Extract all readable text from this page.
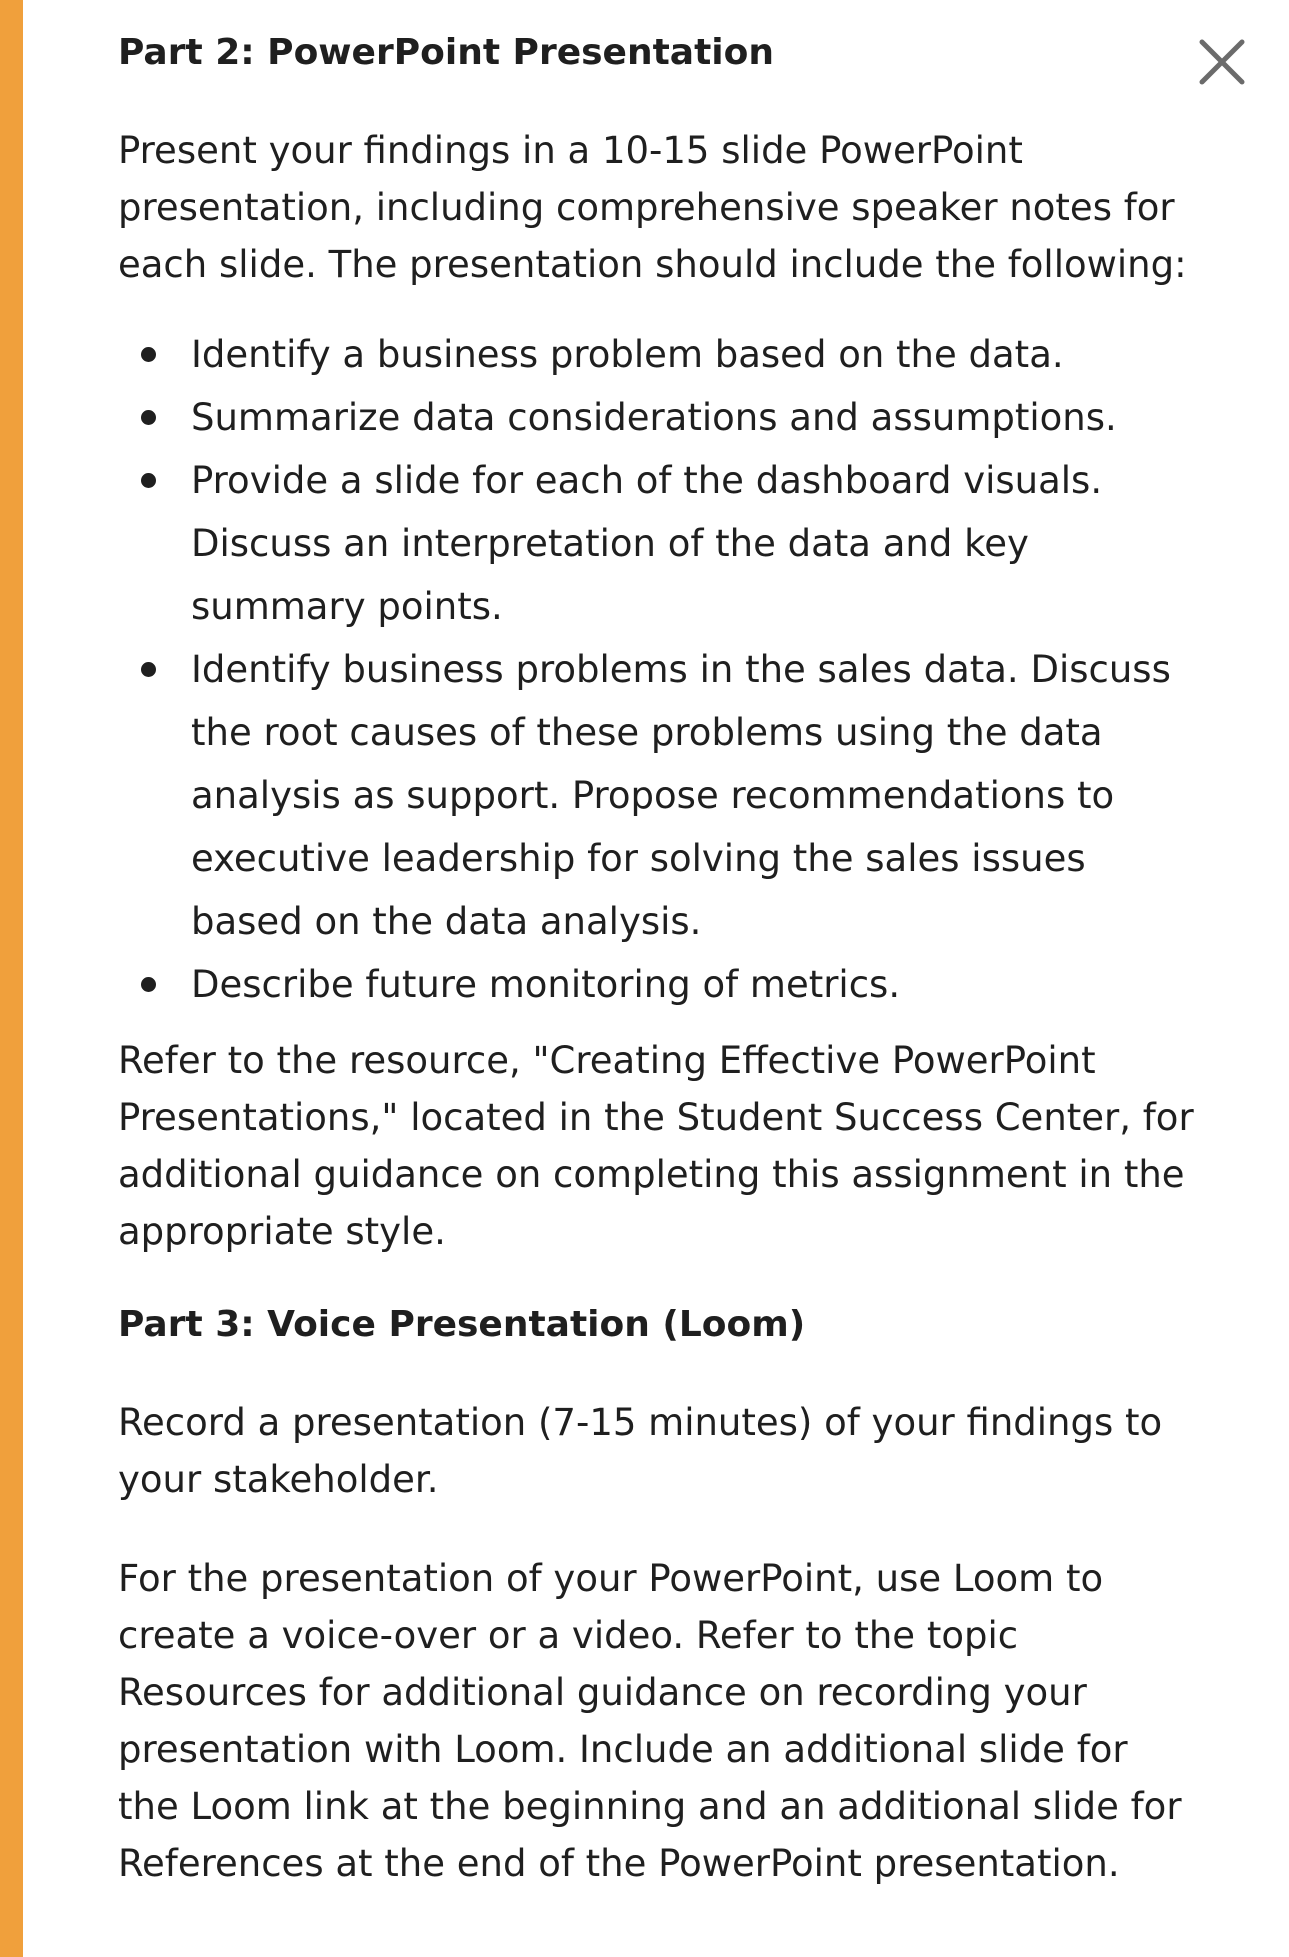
Part 2: PowerPoint Presentation

Present your findings in a 10-15 slide PowerPoint presentation, including comprehensive speaker notes for each slide. The presentation should include the following:

Identify a business problem based on the data.
Summarize data considerations and assumptions.
Provide a slide for each of the dashboard visuals. Discuss an interpretation of the data and key summary points.
Identify business problems in the sales data. Discuss the root causes of these problems using the data analysis as support. Propose recommendations to executive leadership for solving the sales issues based on the data analysis.
Describe future monitoring of metrics.

Refer to the resource, "Creating Effective PowerPoint Presentations," located in the Student Success Center, for additional guidance on completing this assignment in the appropriate style.

Part 3: Voice Presentation (Loom)

Record a presentation (7-15 minutes) of your findings to your stakeholder.

For the presentation of your PowerPoint, use Loom to create a voice-over or a video. Refer to the topic Resources for additional guidance on recording your presentation with Loom. Include an additional slide for the Loom link at the beginning and an additional slide for References at the end of the PowerPoint presentation.
